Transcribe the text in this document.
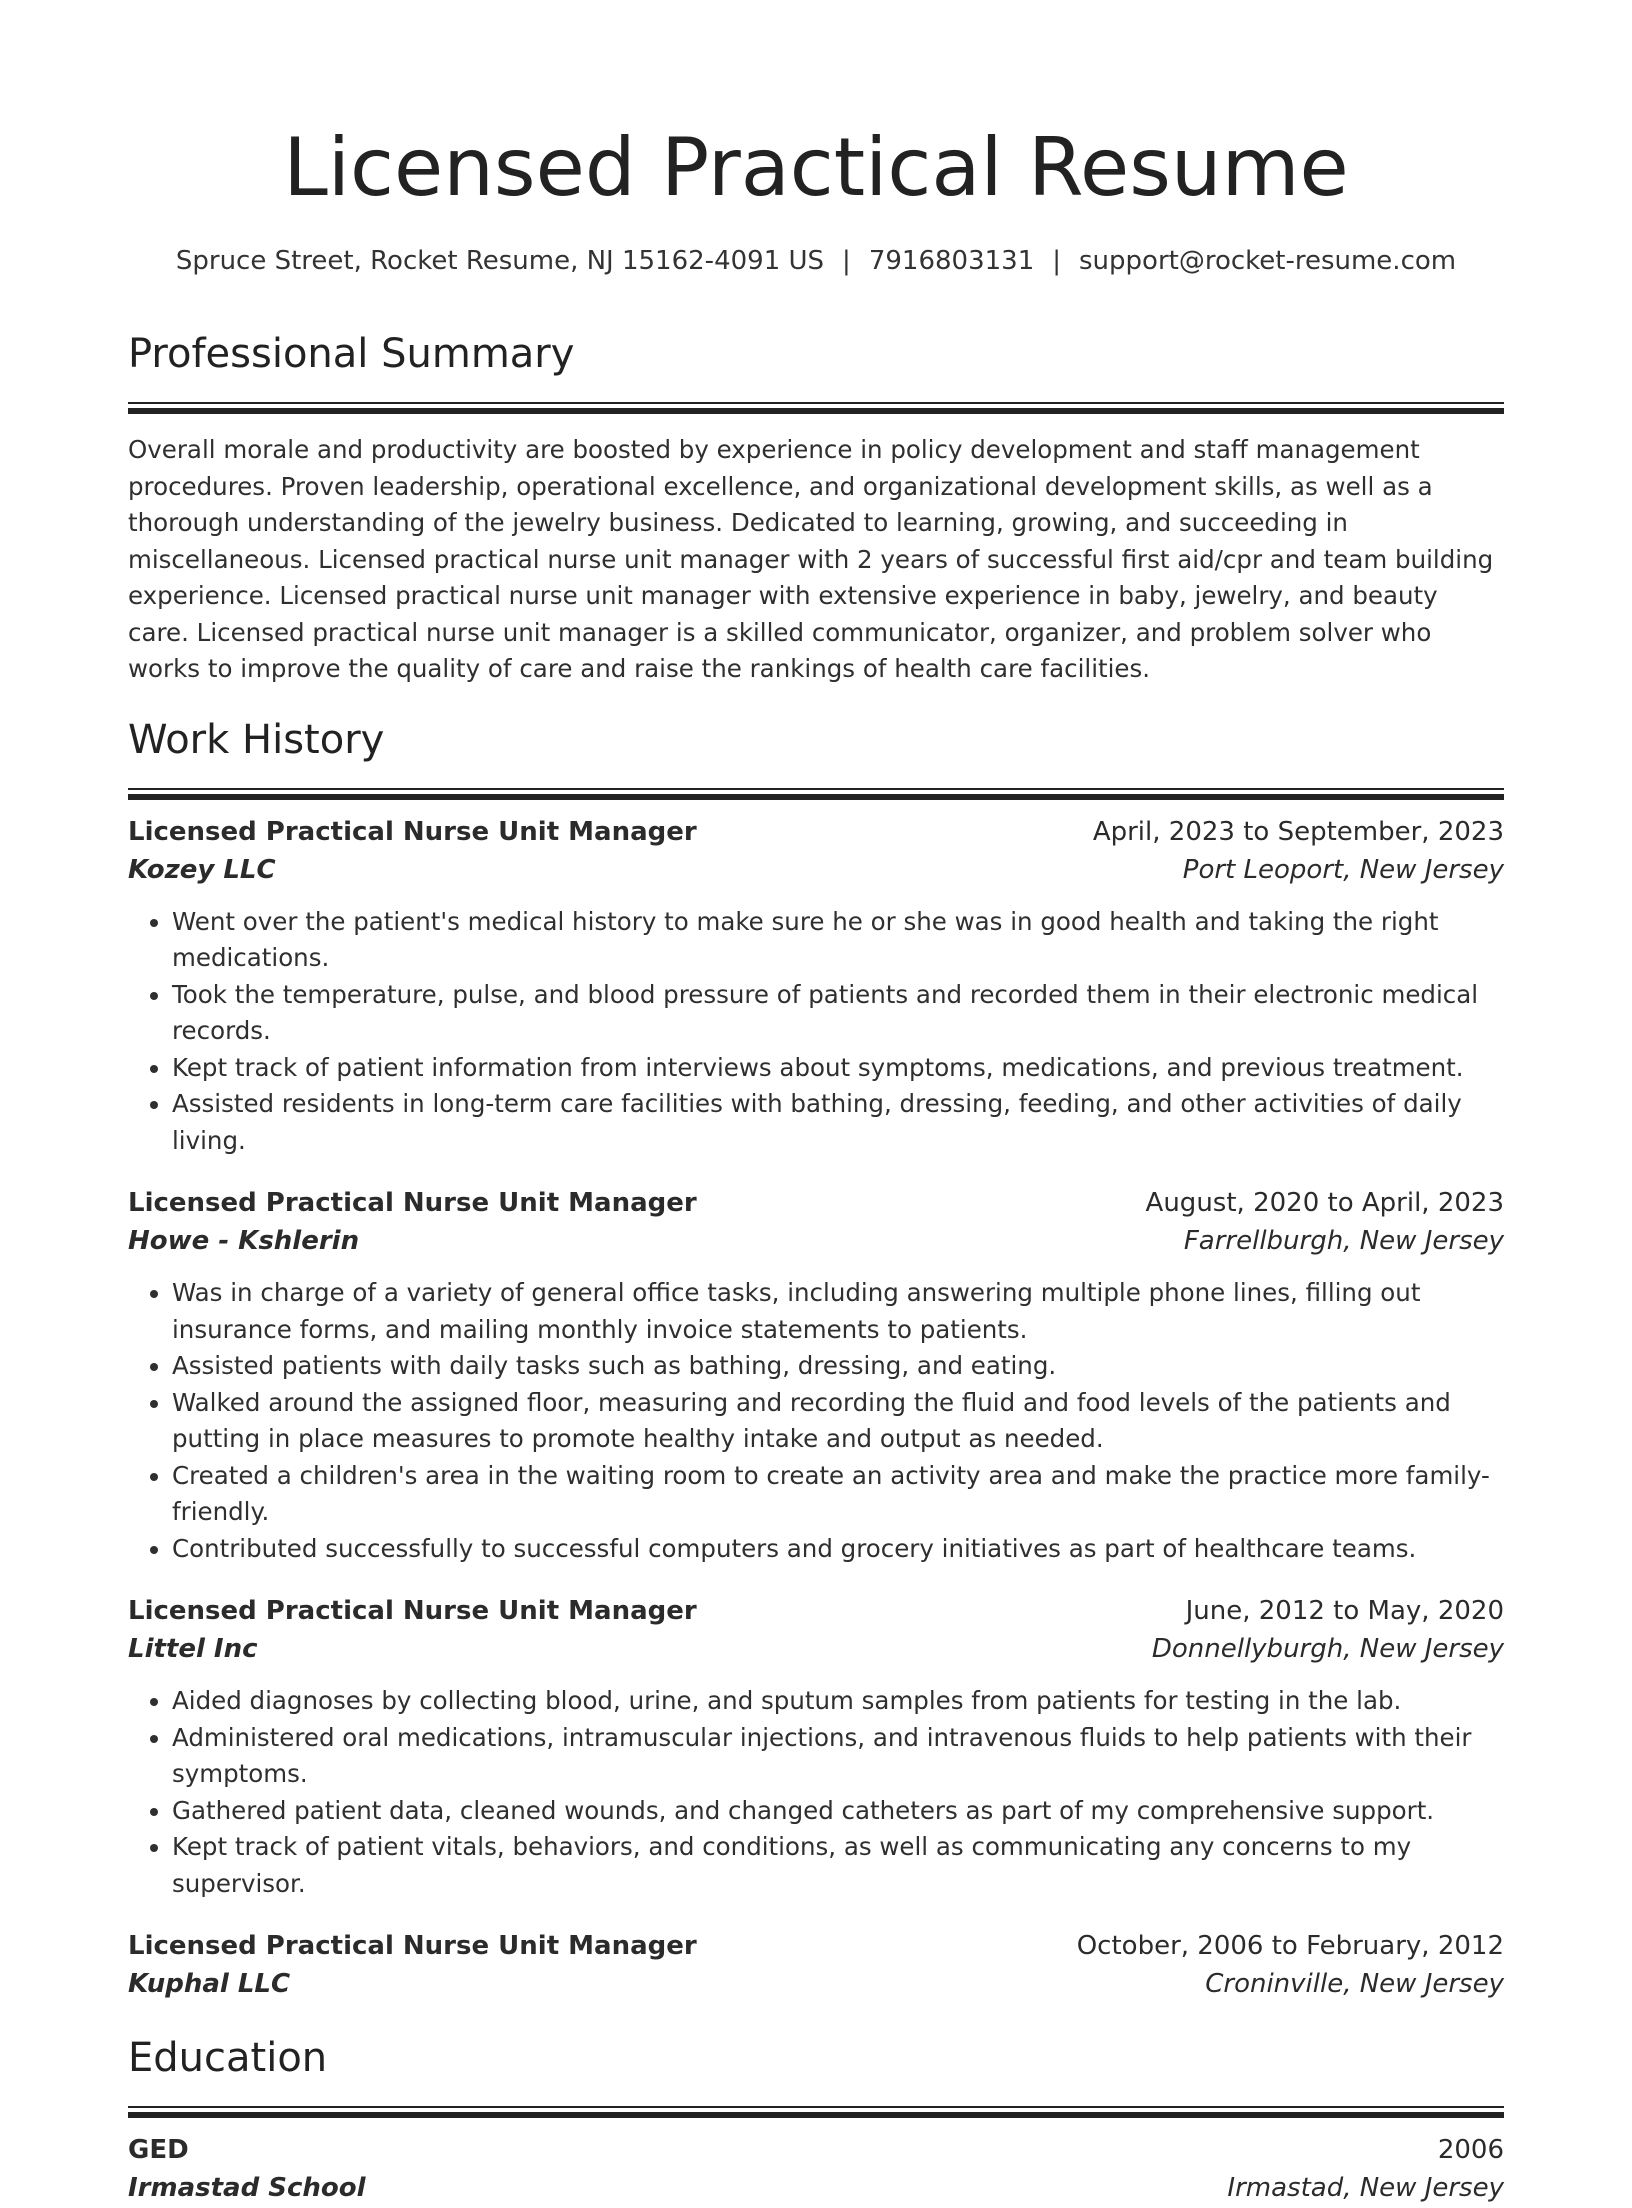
Licensed Practical Resume
Spruce Street, Rocket Resume, NJ 15162-4091 US | 7916803131 | support@rocket-resume.com
Professional Summary

Overall morale and productivity are boosted by experience in policy development and staff management procedures. Proven leadership, operational excellence, and organizational development skills, as well as a thorough understanding of the jewelry business. Dedicated to learning, growing, and succeeding in miscellaneous. Licensed practical nurse unit manager with 2 years of successful first aid/cpr and team building experience. Licensed practical nurse unit manager with extensive experience in baby, jewelry, and beauty care. Licensed practical nurse unit manager is a skilled communicator, organizer, and problem solver who works to improve the quality of care and raise the rankings of health care facilities.

Work History
Licensed Practical Nurse Unit Manager	April, 2023 to September, 2023
Kozey LLC	Port Leoport, New Jersey
• Went over the patient's medical history to make sure he or she was in good health and taking the right medications.
• Took the temperature, pulse, and blood pressure of patients and recorded them in their electronic medical records.
• Kept track of patient information from interviews about symptoms, medications, and previous treatment.
• Assisted residents in long-term care facilities with bathing, dressing, feeding, and other activities of daily living.
Licensed Practical Nurse Unit Manager	August, 2020 to April, 2023
Howe - Kshlerin	Farrellburgh, New Jersey
• Was in charge of a variety of general office tasks, including answering multiple phone lines, filling out insurance forms, and mailing monthly invoice statements to patients.
• Assisted patients with daily tasks such as bathing, dressing, and eating.
• Walked around the assigned floor, measuring and recording the fluid and food levels of the patients and putting in place measures to promote healthy intake and output as needed.
• Created a children's area in the waiting room to create an activity area and make the practice more family-friendly.
• Contributed successfully to successful computers and grocery initiatives as part of healthcare teams.
Licensed Practical Nurse Unit Manager	June, 2012 to May, 2020
Littel Inc	Donnellyburgh, New Jersey
• Aided diagnoses by collecting blood, urine, and sputum samples from patients for testing in the lab.
• Administered oral medications, intramuscular injections, and intravenous fluids to help patients with their symptoms.
• Gathered patient data, cleaned wounds, and changed catheters as part of my comprehensive support.
• Kept track of patient vitals, behaviors, and conditions, as well as communicating any concerns to my supervisor.
Licensed Practical Nurse Unit Manager	October, 2006 to February, 2012
Kuphal LLC	Croninville, New Jersey
Education
GED	2006
Irmastad School	Irmastad, New Jersey
